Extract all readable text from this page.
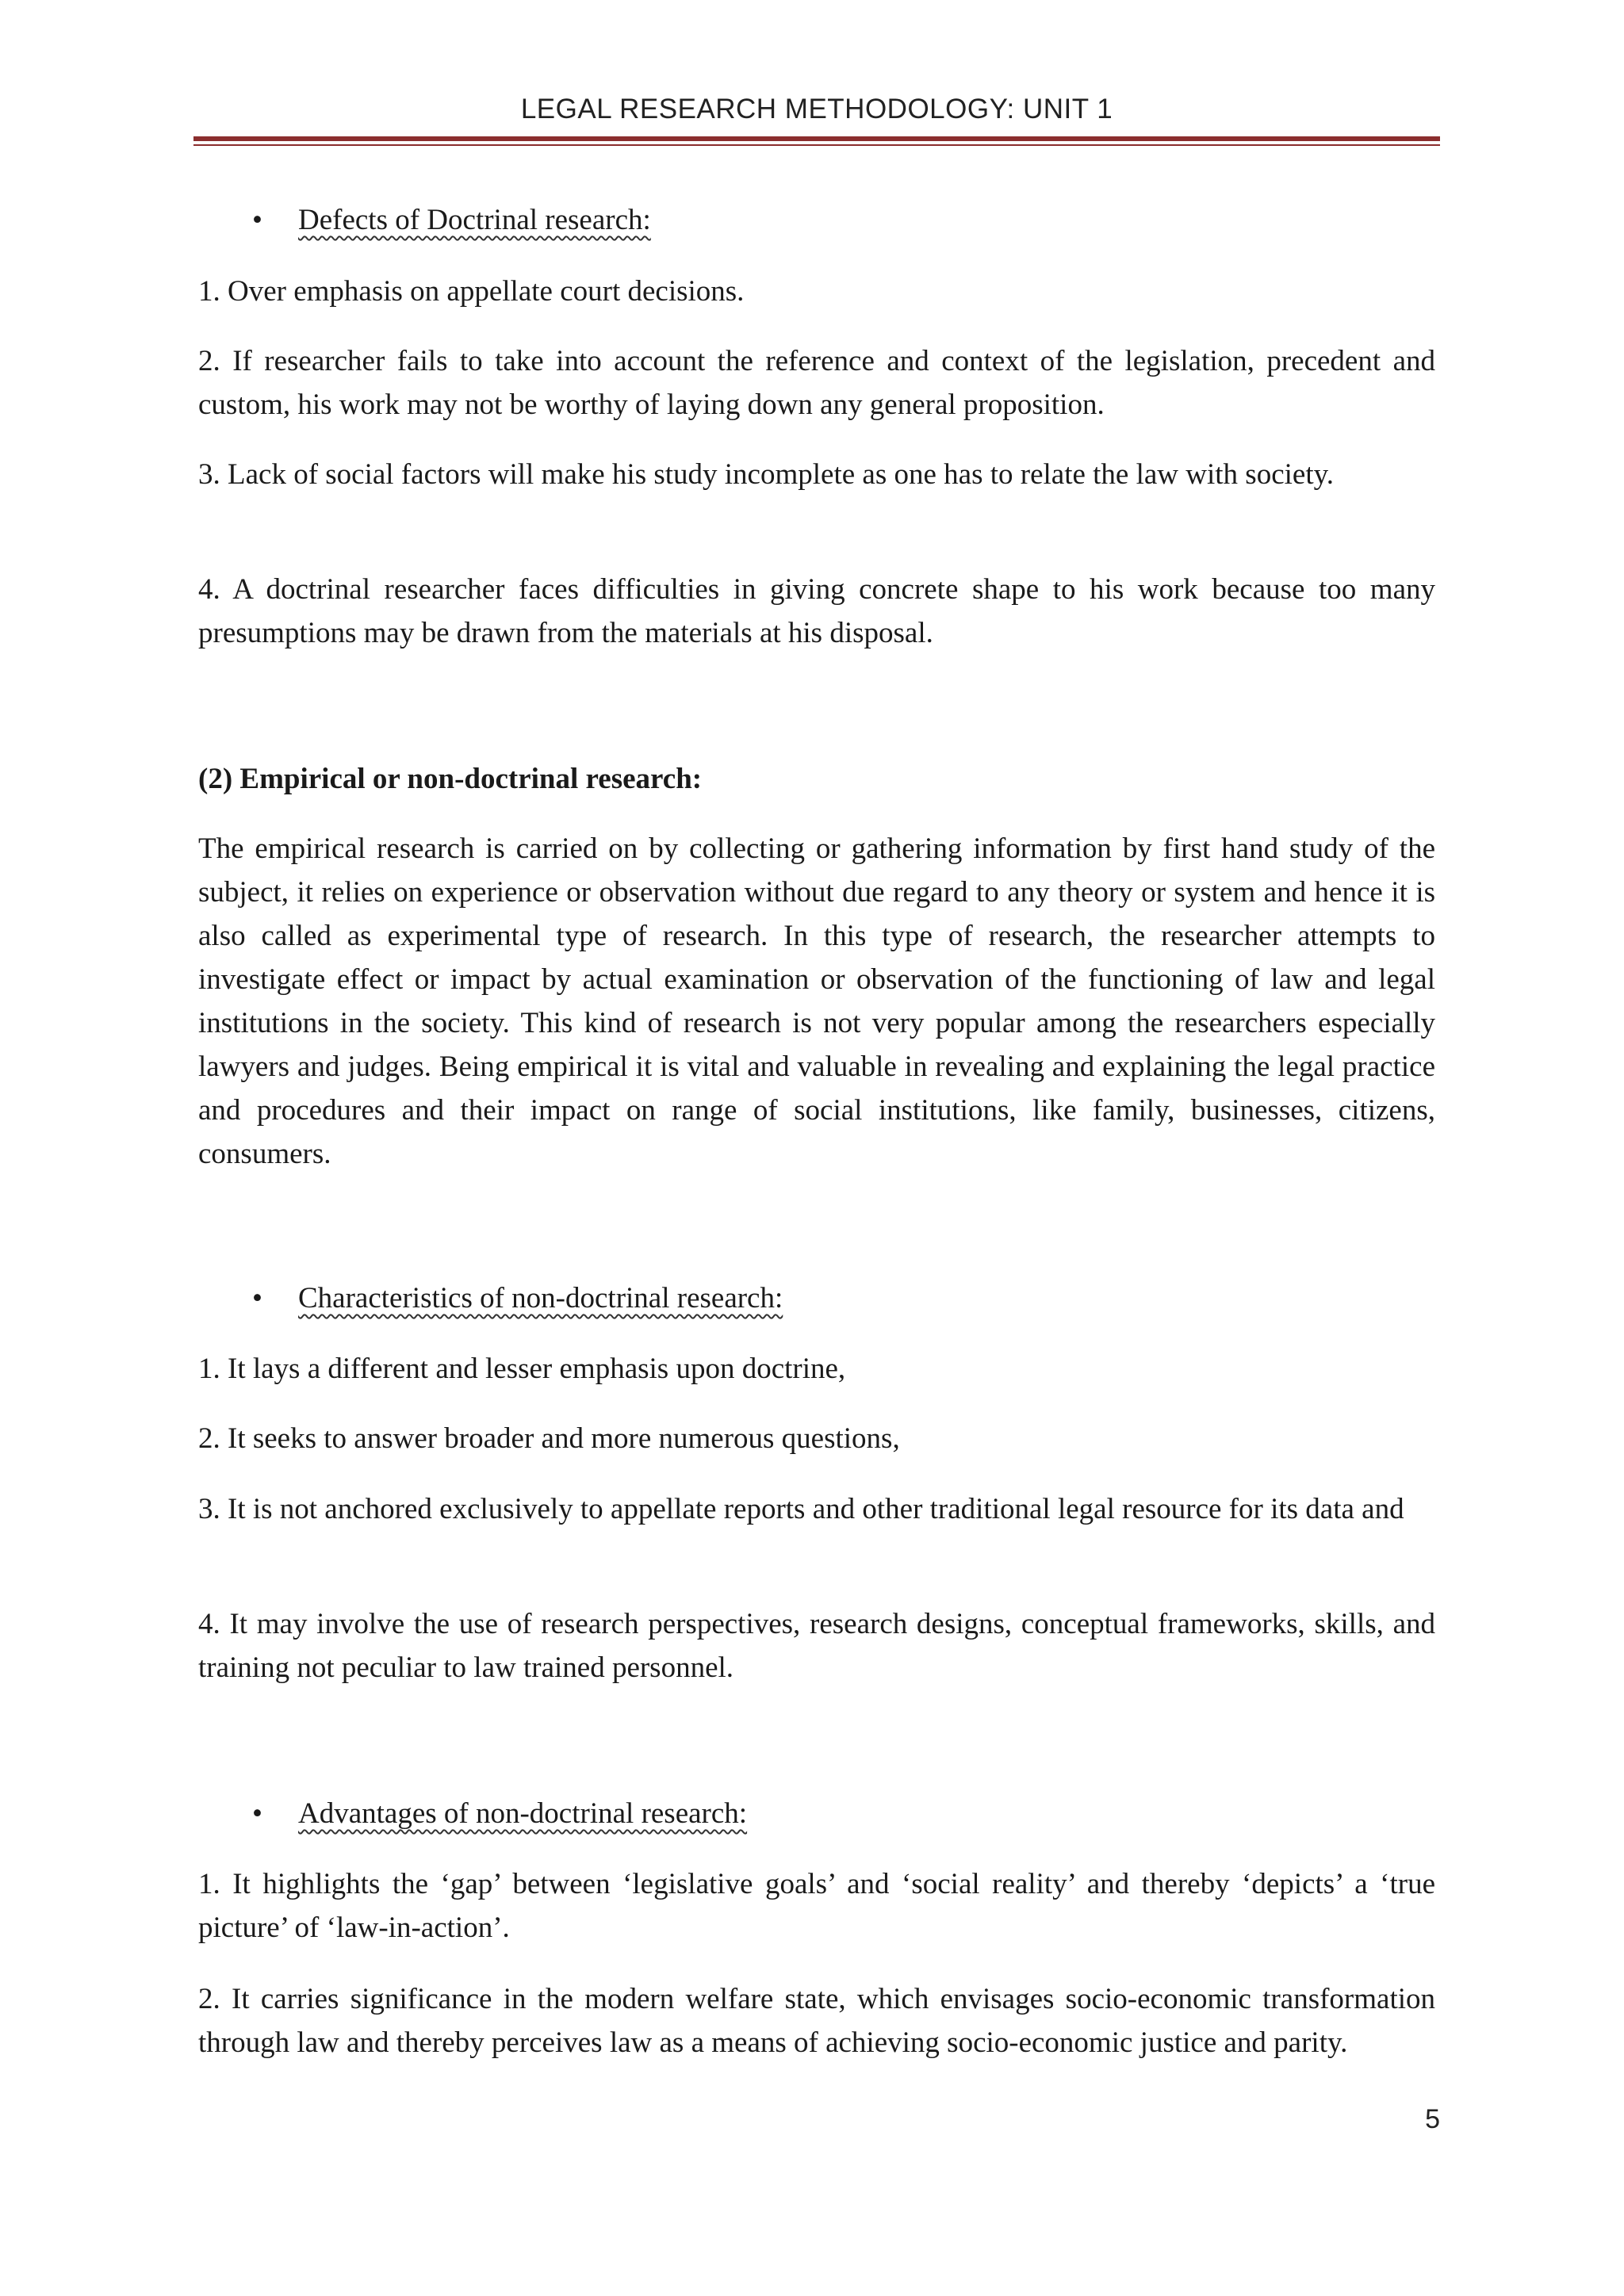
LEGAL RESEARCH METHODOLOGY: UNIT 1
• Defects of Doctrinal research:
1. Over emphasis on appellate court decisions.
2. If researcher fails to take into account the reference and context of the legislation, precedent and custom, his work may not be worthy of laying down any general proposition.
3. Lack of social factors will make his study incomplete as one has to relate the law with society.
4. A doctrinal researcher faces difficulties in giving concrete shape to his work because too many presumptions may be drawn from the materials at his disposal.
(2) Empirical or non-doctrinal research:
The empirical research is carried on by collecting or gathering information by first hand study of the subject, it relies on experience or observation without due regard to any theory or system and hence it is also called as experimental type of research. In this type of research, the researcher attempts to investigate effect or impact by actual examination or observation of the functioning of law and legal institutions in the society. This kind of research is not very popular among the researchers especially lawyers and judges. Being empirical it is vital and valuable in revealing and explaining the legal practice and procedures and their impact on range of social institutions, like family, businesses, citizens, consumers.
• Characteristics of non-doctrinal research:
1. It lays a different and lesser emphasis upon doctrine,
2. It seeks to answer broader and more numerous questions,
3. It is not anchored exclusively to appellate reports and other traditional legal resource for its data and
4. It may involve the use of research perspectives, research designs, conceptual frameworks, skills, and training not peculiar to law trained personnel.
• Advantages of non-doctrinal research:
1. It highlights the ‘gap’ between ‘legislative goals’ and ‘social reality’ and thereby ‘depicts’ a ‘true picture’ of ‘law-in-action’.
2. It carries significance in the modern welfare state, which envisages socio-economic transformation through law and thereby perceives law as a means of achieving socio-economic justice and parity.
5
